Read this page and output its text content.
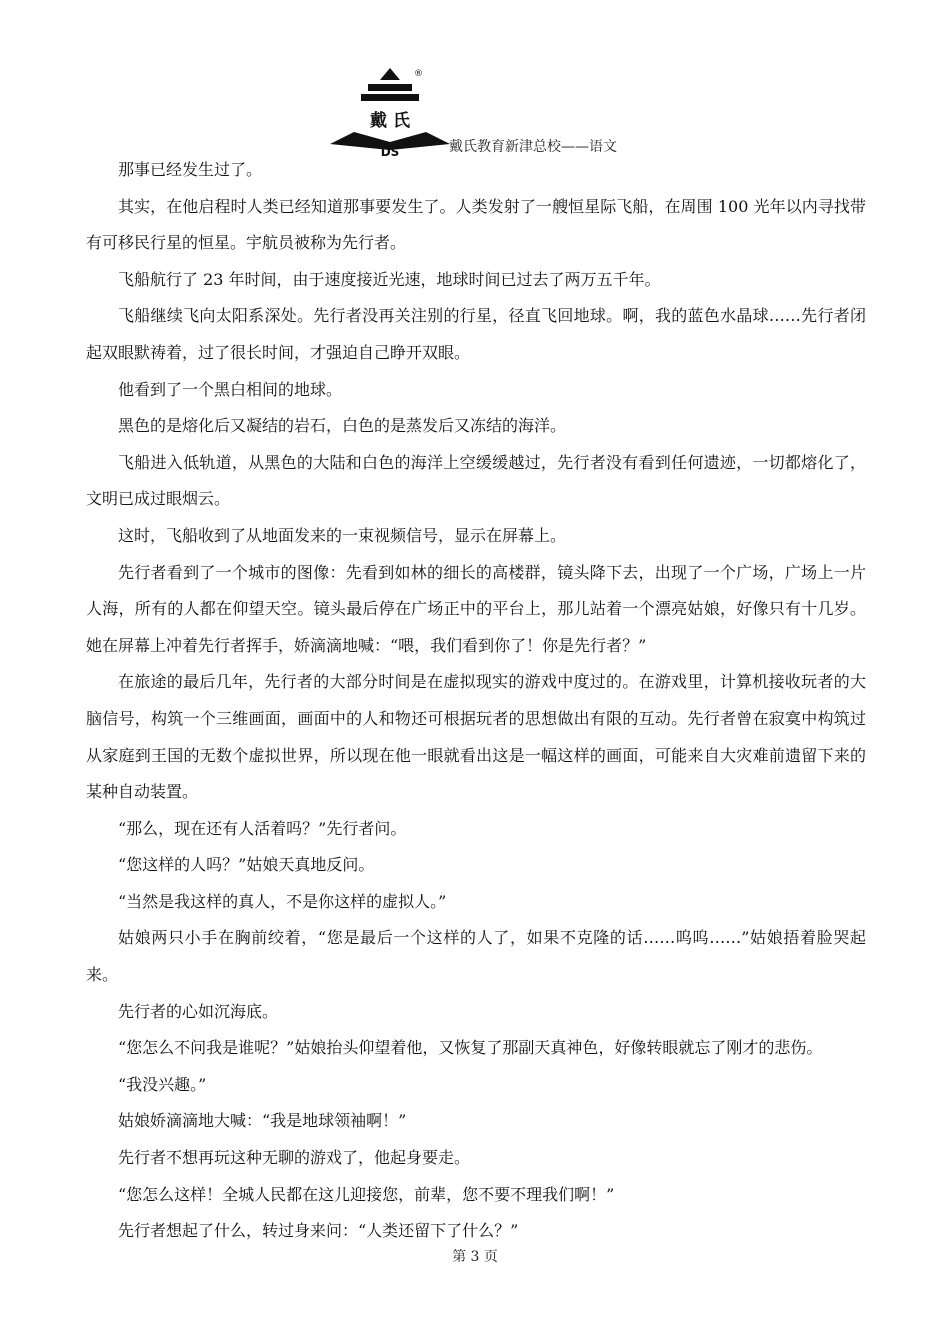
戴 氏
DS
®
戴氏教育新津总校——语文

那事已经发生过了。

其实，在他启程时人类已经知道那事要发生了。人类发射了一艘恒星际飞船，在周围 100 光年以内寻找带有可移民行星的恒星。宇航员被称为先行者。

飞船航行了 23 年时间，由于速度接近光速，地球时间已过去了两万五千年。

飞船继续飞向太阳系深处。先行者没再关注别的行星，径直飞回地球。啊，我的蓝色水晶球……先行者闭起双眼默祷着，过了很长时间，才强迫自己睁开双眼。

他看到了一个黑白相间的地球。

黑色的是熔化后又凝结的岩石，白色的是蒸发后又冻结的海洋。

飞船进入低轨道，从黑色的大陆和白色的海洋上空缓缓越过，先行者没有看到任何遗迹，一切都熔化了，文明已成过眼烟云。

这时，飞船收到了从地面发来的一束视频信号，显示在屏幕上。

先行者看到了一个城市的图像：先看到如林的细长的高楼群，镜头降下去，出现了一个广场，广场上一片人海，所有的人都在仰望天空。镜头最后停在广场正中的平台上，那儿站着一个漂亮姑娘，好像只有十几岁。她在屏幕上冲着先行者挥手，娇滴滴地喊：“喂，我们看到你了！你是先行者？”

在旅途的最后几年，先行者的大部分时间是在虚拟现实的游戏中度过的。在游戏里，计算机接收玩者的大脑信号，构筑一个三维画面，画面中的人和物还可根据玩者的思想做出有限的互动。先行者曾在寂寞中构筑过从家庭到王国的无数个虚拟世界，所以现在他一眼就看出这是一幅这样的画面，可能来自大灾难前遗留下来的某种自动装置。

“那么，现在还有人活着吗？”先行者问。

“您这样的人吗？”姑娘天真地反问。

“当然是我这样的真人，不是你这样的虚拟人。”

姑娘两只小手在胸前绞着，“您是最后一个这样的人了，如果不克隆的话……呜呜……”姑娘捂着脸哭起来。

先行者的心如沉海底。

“您怎么不问我是谁呢？”姑娘抬头仰望着他，又恢复了那副天真神色，好像转眼就忘了刚才的悲伤。

“我没兴趣。”

姑娘娇滴滴地大喊：“我是地球领袖啊！”

先行者不想再玩这种无聊的游戏了，他起身要走。

“您怎么这样！全城人民都在这儿迎接您，前辈，您不要不理我们啊！”

先行者想起了什么，转过身来问：“人类还留下了什么？”

第 3 页
